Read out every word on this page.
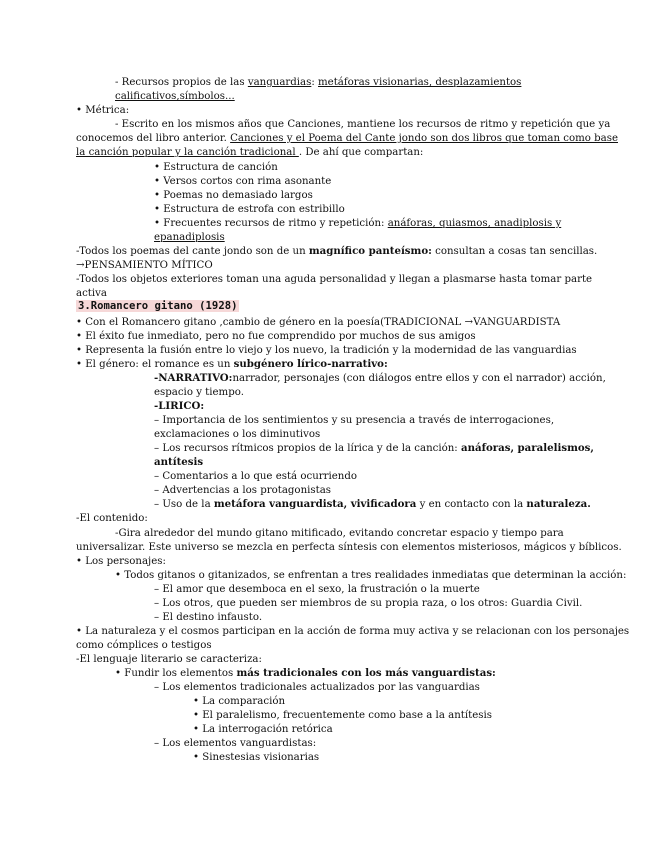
- Recursos propios de las vanguardias: metáforas visionarias, desplazamientos
calificativos,símbolos...
• Métrica:
- Escrito en los mismos años que Canciones, mantiene los recursos de ritmo y repetición que ya
conocemos del libro anterior. Canciones y el Poema del Cante jondo son dos libros que toman como base
la canción popular y la canción tradicional . De ahí que compartan:
• Estructura de canción
• Versos cortos con rima asonante
• Poemas no demasiado largos
• Estructura de estrofa con estribillo
• Frecuentes recursos de ritmo y repetición: anáforas, quiasmos, anadiplosis y
epanadiplosis
-Todos los poemas del cante jondo son de un magnífico panteísmo: consultan a cosas tan sencillas.
→PENSAMIENTO MÍTICO
-Todos los objetos exteriores toman una aguda personalidad y llegan a plasmarse hasta tomar parte
activa
3.Romancero gitano (1928)
• Con el Romancero gitano ,cambio de género en la poesía(TRADICIONAL →VANGUARDISTA
• El éxito fue inmediato, pero no fue comprendido por muchos de sus amigos
• Representa la fusión entre lo viejo y los nuevo, la tradición y la modernidad de las vanguardias
• El género: el romance es un subgénero lírico-narrativo:
-NARRATIVO:narrador, personajes (con diálogos entre ellos y con el narrador) acción,
espacio y tiempo.
-LIRICO:
– Importancia de los sentimientos y su presencia a través de interrogaciones,
exclamaciones o los diminutivos
– Los recursos rítmicos propios de la lírica y de la canción: anáforas, paralelismos,
antítesis
– Comentarios a lo que está ocurriendo
– Advertencias a los protagonistas
– Uso de la metáfora vanguardista, vivificadora y en contacto con la naturaleza.
-El contenido:
-Gira alrededor del mundo gitano mitificado, evitando concretar espacio y tiempo para
universalizar. Este universo se mezcla en perfecta síntesis con elementos misteriosos, mágicos y bíblicos.
• Los personajes:
• Todos gitanos o gitanizados, se enfrentan a tres realidades inmediatas que determinan la acción:
– El amor que desemboca en el sexo, la frustración o la muerte
– Los otros, que pueden ser miembros de su propia raza, o los otros: Guardia Civil.
– El destino infausto.
• La naturaleza y el cosmos participan en la acción de forma muy activa y se relacionan con los personajes
como cómplices o testigos
-El lenguaje literario se caracteriza:
• Fundir los elementos más tradicionales con los más vanguardistas:
– Los elementos tradicionales actualizados por las vanguardias
• La comparación
• El paralelismo, frecuentemente como base a la antítesis
• La interrogación retórica
– Los elementos vanguardistas:
• Sinestesias visionarias
